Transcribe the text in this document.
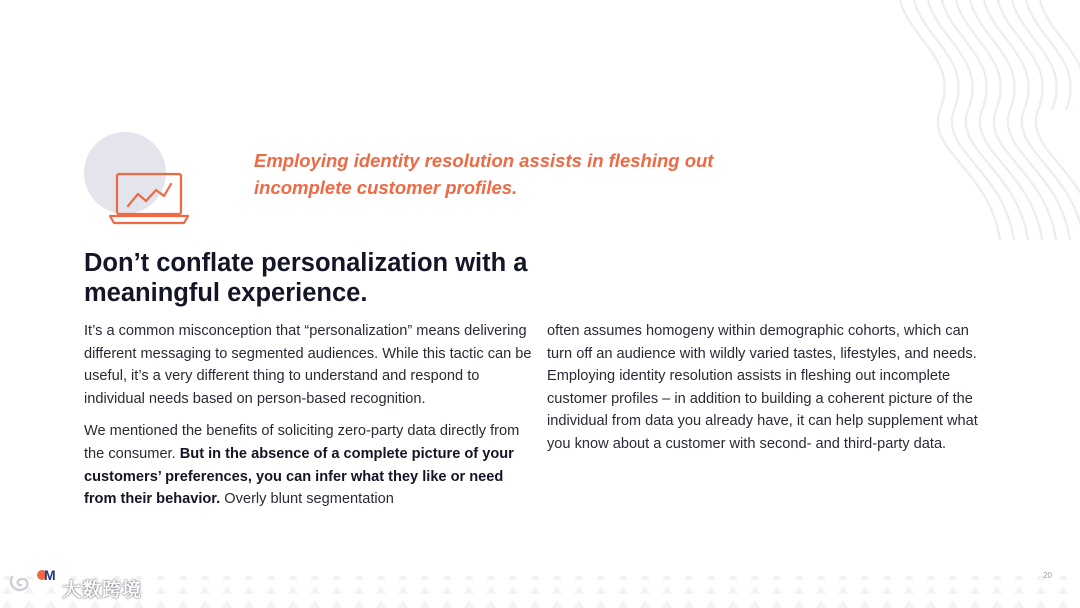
Employing identity resolution assists in fleshing out
incomplete customer profiles.
Don’t conflate personalization with a
meaningful experience.

It’s a common misconception that “personalization” means delivering different messaging to segmented audiences. While this tactic can be useful, it’s a very different thing to understand and respond to individual needs based on person-based recognition.

We mentioned the benefits of soliciting zero-party data directly from the consumer. But in the absence of a complete picture of your customers’ preferences, you can infer what they like or need from their behavior. Overly blunt segmentation

often assumes homogeny within demographic cohorts, which can turn off an audience with wildly varied tastes, lifestyles, and needs. Employing identity resolution assists in fleshing out incomplete customer profiles – in addition to building a coherent picture of the individual from data you already have, it can help supplement what you know about a customer with second- and third-party data.

20
M
大数跨境
